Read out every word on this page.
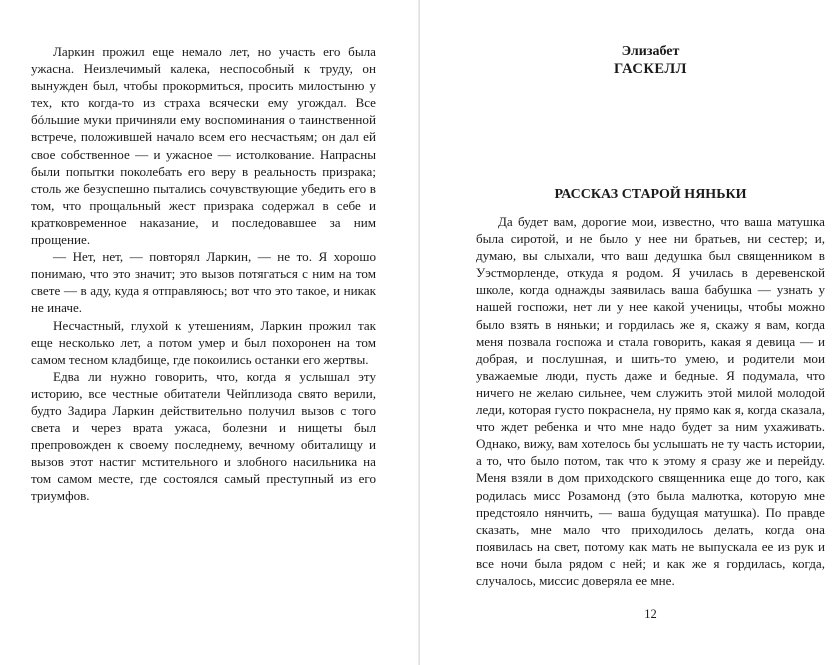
Ларкин прожил еще немало лет, но участь его была ужасна. Неизлечимый калека, неспособный к труду, он вынужден был, чтобы прокормиться, просить милостыню у тех, кто когда-то из страха всячески ему угождал. Все бóльшие муки причиняли ему воспоминания о таинственной встрече, положившей начало всем его несчастьям; он дал ей свое собственное — и ужасное — истолкование. Напрасны были попытки поколебать его веру в реальность призрака; столь же безуспешно пытались сочувствующие убедить его в том, что прощальный жест призрака содержал в себе и кратковременное наказание, и последовавшее за ним прощение.

— Нет, нет, — повторял Ларкин, — не то. Я хорошо понимаю, что это значит; это вызов потягаться с ним на том свете — в аду, куда я отправляюсь; вот что это такое, и никак не иначе.

Несчастный, глухой к утешениям, Ларкин прожил так еще несколько лет, а потом умер и был похоронен на том самом тесном кладбище, где покоились останки его жертвы.

Едва ли нужно говорить, что, когда я услышал эту историю, все честные обитатели Чейплизода свято верили, будто Задира Ларкин действительно получил вызов с того света и через врата ужаса, болезни и нищеты был препровожден к своему последнему, вечному обиталищу и вызов этот настиг мстительного и злобного насильника на том самом месте, где состоялся самый преступный из его триумфов.

Элизабет
ГАСКЕЛЛ
РАССКАЗ СТАРОЙ НЯНЬКИ

Да будет вам, дорогие мои, известно, что ваша матушка была сиротой, и не было у нее ни братьев, ни сестер; и, думаю, вы слыхали, что ваш дедушка был священником в Уэстморленде, откуда я родом. Я училась в деревенской школе, когда однажды заявилась ваша бабушка — узнать у нашей госпожи, нет ли у нее какой ученицы, чтобы можно было взять в няньки; и гордилась же я, скажу я вам, когда меня позвала госпожа и стала говорить, какая я девица — и добрая, и послушная, и шить-то умею, и родители мои уважаемые люди, пусть даже и бедные. Я подумала, что ничего не желаю сильнее, чем служить этой милой молодой леди, которая густо покраснела, ну прямо как я, когда сказала, что ждет ребенка и что мне надо будет за ним ухаживать. Однако, вижу, вам хотелось бы услышать не ту часть истории, а то, что было потом, так что к этому я сразу же и перейду. Меня взяли в дом приходского священника еще до того, как родилась мисс Розамонд (это была малютка, которую мне предстояло нянчить, — ваша будущая матушка). По правде сказать, мне мало что приходилось делать, когда она появилась на свет, потому как мать не выпускала ее из рук и все ночи была рядом с ней; и как же я гордилась, когда, случалось, миссис доверяла ее мне.

12
